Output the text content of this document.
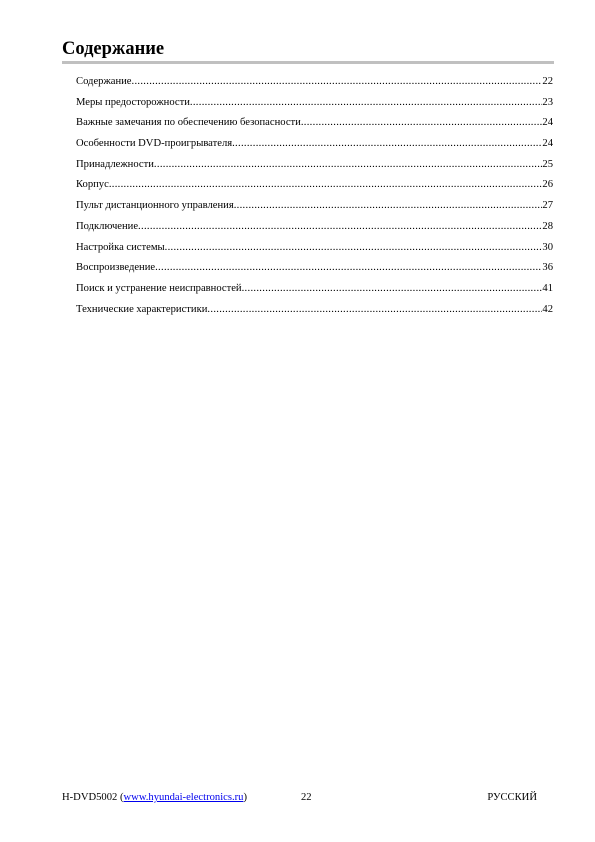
Содержание
Содержание .....	22
Меры предосторожности .....	23
Важные замечания по обеспечению безопасности .....	24
Особенности DVD-проигрывателя .....	24
Принадлежности .....	25
Корпус .....	26
Пульт дистанционного управления .....	27
Подключение .....	28
Настройка системы .....	30
Воспроизведение .....	36
Поиск и устранение неисправностей .....	41
Технические характеристики .....	42
H-DVD5002 (www.hyundai-electronics.ru)	22	РУССКИЙ
